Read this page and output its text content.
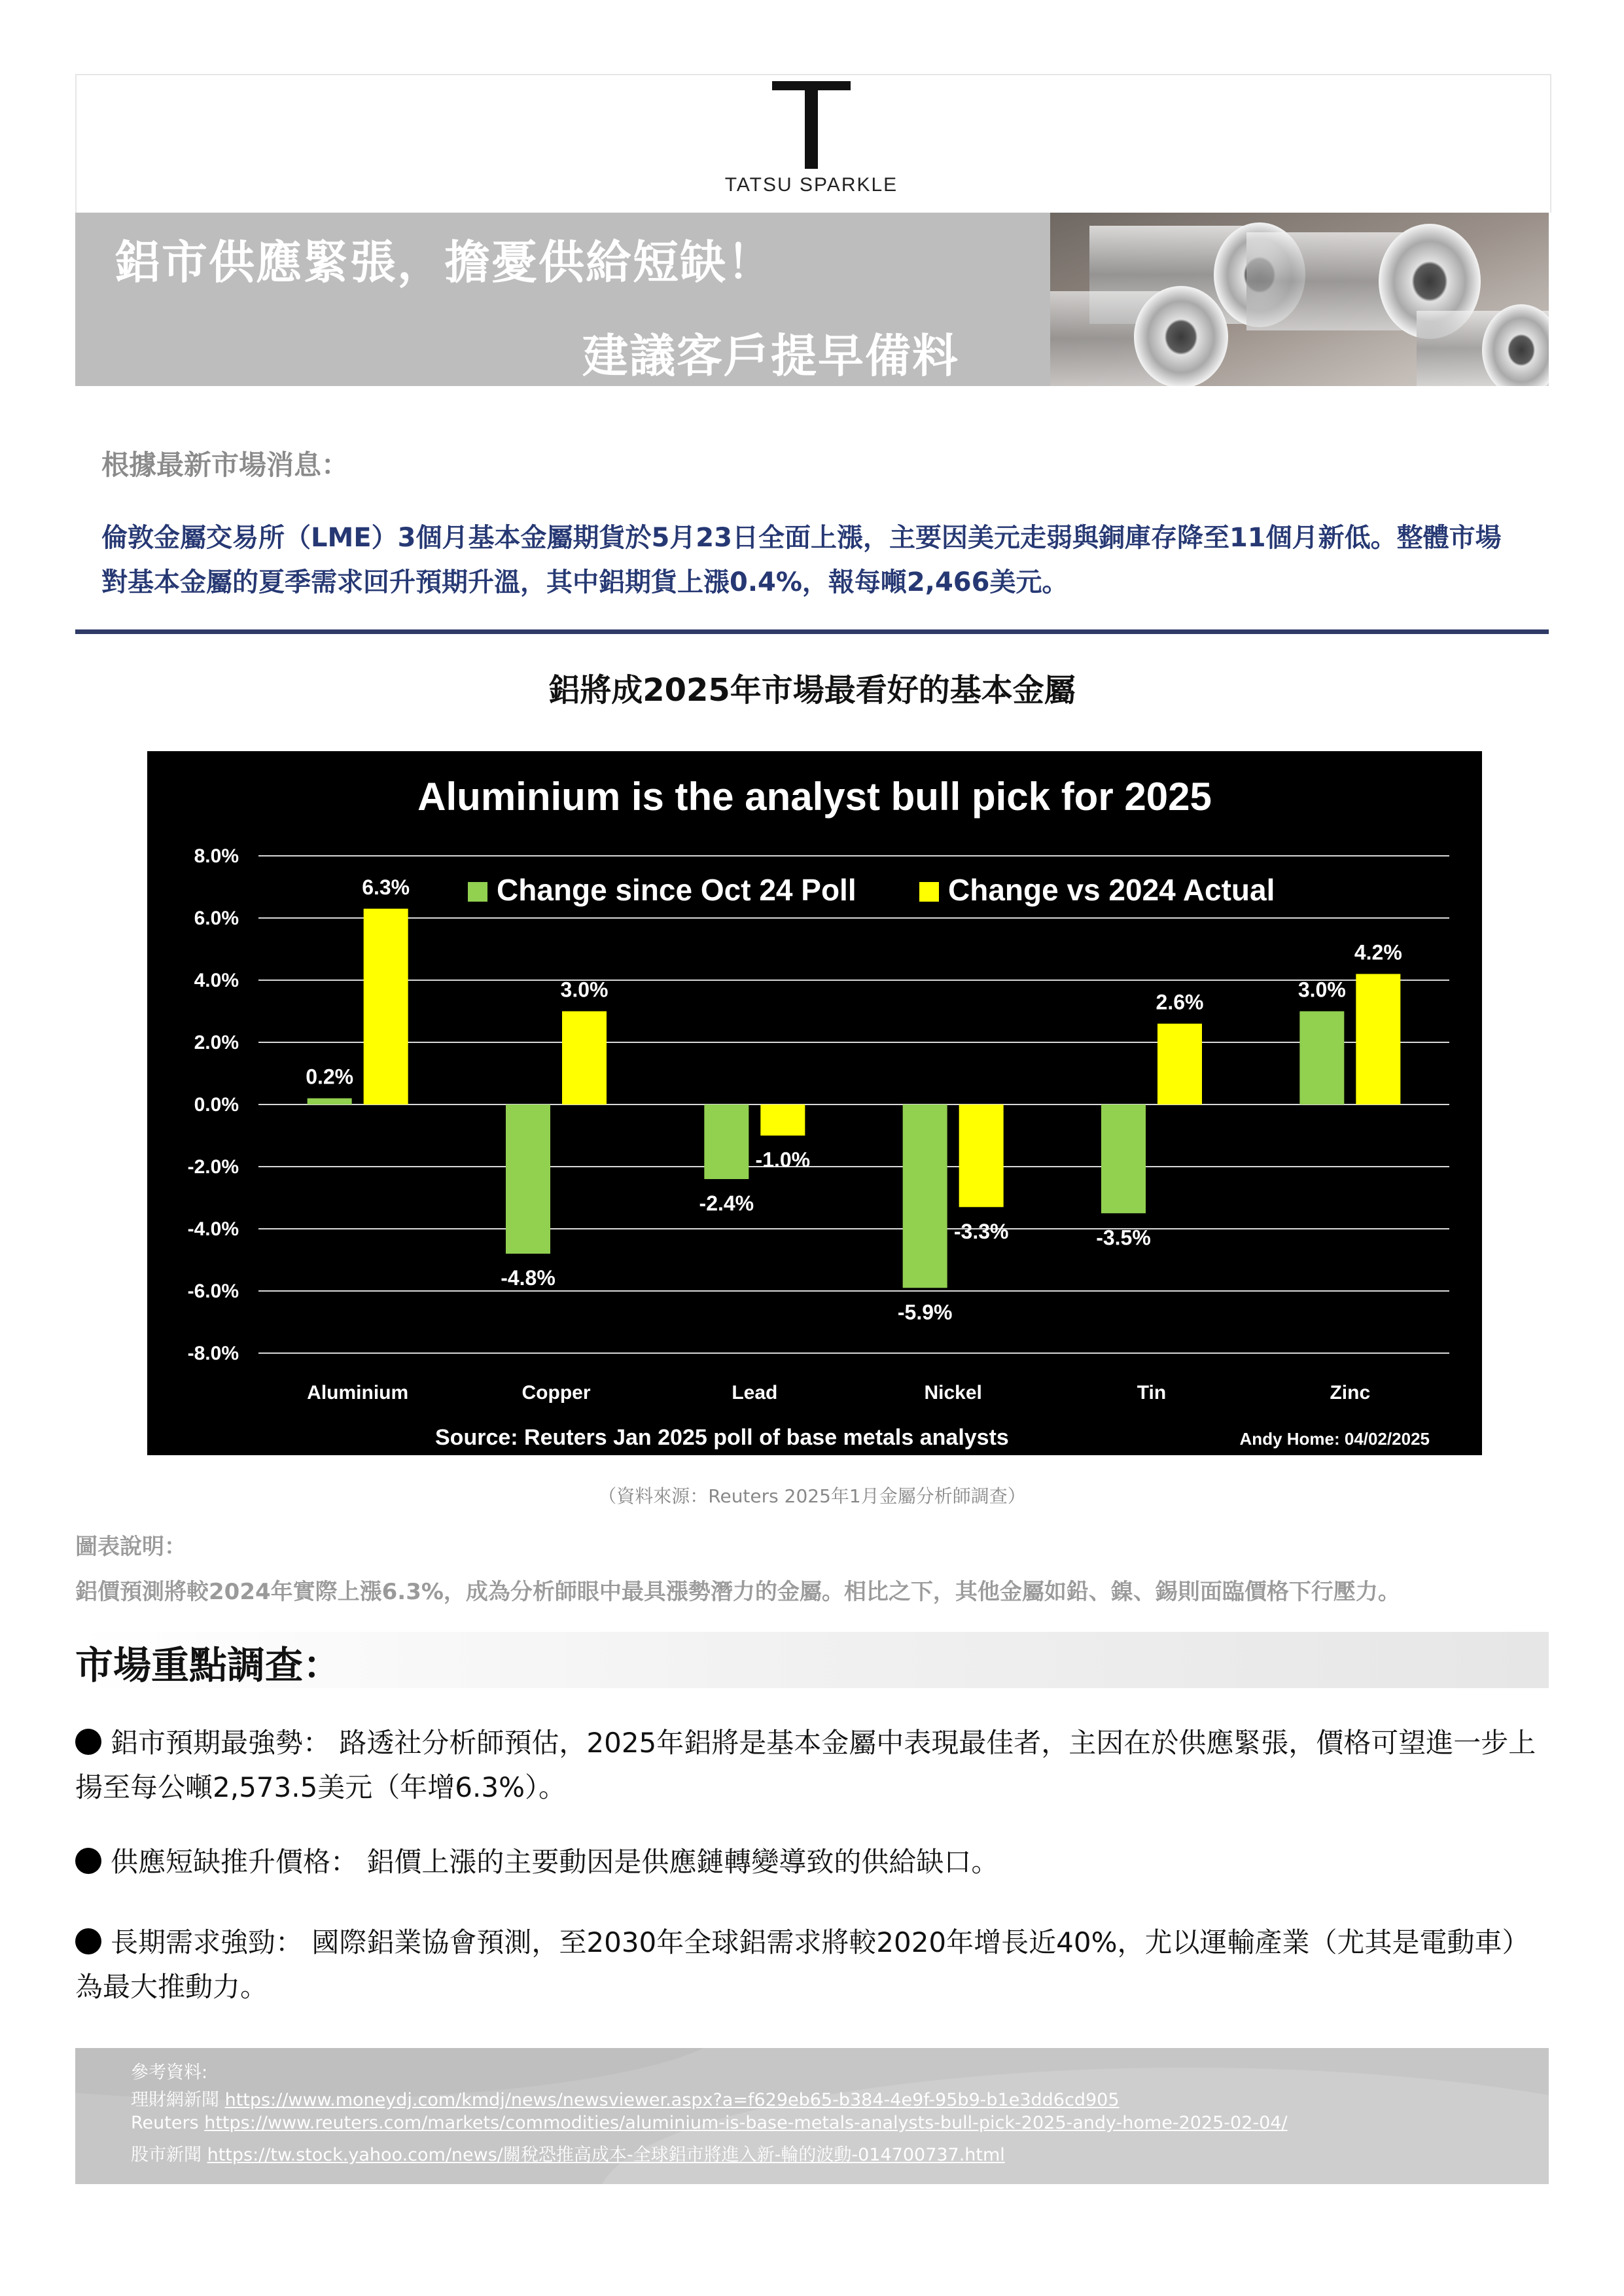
TATSU SPARKLE
鋁市供應緊張，擔憂供給短缺！
建議客戶提早備料
根據最新市場消息：
倫敦金屬交易所（LME）3個月基本金屬期貨於5月23日全面上漲，主要因美元走弱與銅庫存降至11個月新低。整體市場對基本金屬的夏季需求回升預期升溫，其中鋁期貨上漲0.4%，報每噸2,466美元。
鋁將成2025年市場最看好的基本金屬
Aluminium is the analyst bull pick for 2025
8.0%
6.0%
4.0%
2.0%
0.0%
-2.0%
-4.0%
-6.0%
-8.0%
0.2%
6.3%
Aluminium
-4.8%
3.0%
Copper
-2.4%
-1.0%
Lead
-5.9%
-3.3%
Nickel
-3.5%
2.6%
Tin
3.0%
4.2%
Zinc
Change since Oct 24 Poll	Change vs 2024 Actual
Source: Reuters Jan 2025 poll of base metals analysts	Andy Home: 04/02/2025
（資料來源：Reuters 2025年1月金屬分析師調查）
圖表說明：
鋁價預測將較2024年實際上漲6.3%，成為分析師眼中最具漲勢潛力的金屬。相比之下，其他金屬如鉛、鎳、錫則面臨價格下行壓力。
市場重點調查：
鋁市預期最強勢： 路透社分析師預估，2025年鋁將是基本金屬中表現最佳者，主因在於供應緊張，價格可望進一步上揚至每公噸2,573.5美元（年增6.3%）。
供應短缺推升價格： 鋁價上漲的主要動因是供應鏈轉變導致的供給缺口。
長期需求強勁： 國際鋁業協會預測，至2030年全球鋁需求將較2020年增長近40%，尤以運輸產業（尤其是電動車）為最大推動力。
參考資料:
理財網新聞 https://www.moneydj.com/kmdj/news/newsviewer.aspx?a=f629eb65-b384-4e9f-95b9-b1e3dd6cd905
Reuters https://www.reuters.com/markets/commodities/aluminium-is-base-metals-analysts-bull-pick-2025-andy-home-2025-02-04/
股市新聞 https://tw.stock.yahoo.com/news/關稅恐推高成本-全球鋁市將進入新-輪的波動-014700737.html
